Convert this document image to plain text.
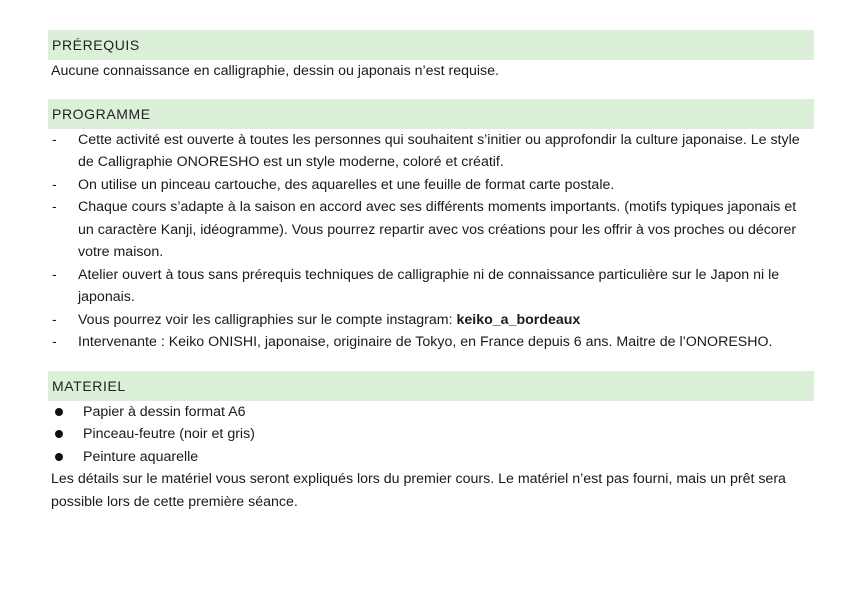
PRÉREQUIS
Aucune connaissance en calligraphie, dessin ou japonais n’est requise.
PROGRAMME
- Cette activité est ouverte à toutes les personnes qui souhaitent s’initier ou approfondir la culture japonaise. Le style de Calligraphie ONORESHO est un style moderne, coloré et créatif.
- On utilise un pinceau cartouche, des aquarelles et une feuille de format carte postale.
- Chaque cours s’adapte à la saison en accord avec ses différents moments importants. (motifs typiques japonais et un caractère Kanji, idéogramme). Vous pourrez repartir avec vos créations pour les offrir à vos proches ou décorer votre maison.
- Atelier ouvert à tous sans prérequis techniques de calligraphie ni de connaissance particulière sur le Japon ni le japonais.
- Vous pourrez voir les calligraphies sur le compte instagram: keiko_a_bordeaux
- Intervenante : Keiko ONISHI, japonaise, originaire de Tokyo, en France depuis 6 ans. Maitre de l’ONORESHO.
MATERIEL
Papier à dessin format A6
Pinceau-feutre (noir et gris)
Peinture aquarelle
Les détails sur le matériel vous seront expliqués lors du premier cours. Le matériel n’est pas fourni, mais un prêt sera possible lors de cette première séance.
